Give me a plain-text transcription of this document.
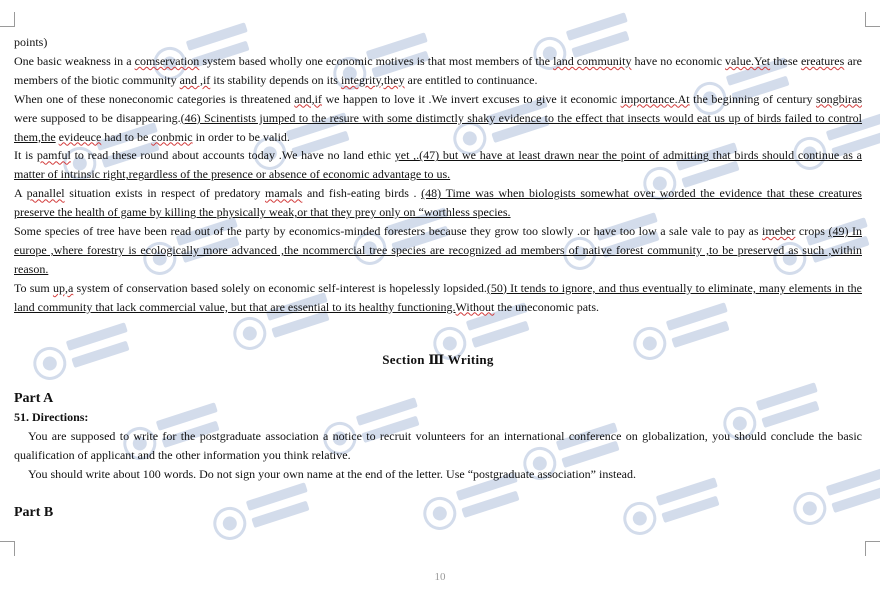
points)

One basic weakness in a comservation system based wholly one economic motives is that most members of the land community have no economic value.Yet these ereatures are members of the biotic community and ,if its stability depends on its integrity,they are entitled to continuance.

When one of these noneconomic categories is threatened and,if we happen to love it .We invert excuses to give it economic importance.At the beginning of century songbiras were supposed to be disappearing.(46) Scinentists jumped to the resure with some distimctly shaky evidence to the effect that insects would eat us up of birds failed to control them,the evideuce had to be conbmic in order to be valid.

It is pamful to read these round about accounts today .We have no land ethic yet ,.(47) but we have at least drawn near the point of admitting that birds should continue as a matter of intrinsic right,regardless of the presence or absence of economic advantage to us.

A panallel situation exists in respect of predatory mamals and fish-eating birds . (48) Time was when biologists somewhat over worded the evidence that these creatures preserve the health of game by killing the physically weak,or that they prey only on “worthless species.

Some species of tree have been read out of the party by economics-minded foresters because they grow too slowly .or have too low a sale vale to pay as imeber crops (49) In europe ,where forestry is ecologically more advanced ,the ncommercial tree species are recognized ad members of native forest community ,to be preserved as such ,within reason.

To sum up,a system of conservation based solely on economic self-interest is hopelessly lopsided.(50) It tends to ignore, and thus eventually to eliminate, many elements in the land community that lack commercial value, but that are essential to its healthy functioning.Without the uneconomic pats.

Section Ⅲ Writing
Part A

51. Directions:

You are supposed to write for the postgraduate association a notice to recruit volunteers for an international conference on globalization, you should conclude the basic qualification of applicant and the other information you think relative.

You should write about 100 words. Do not sign your own name at the end of the letter. Use “postgraduate association” instead.

Part B
10
